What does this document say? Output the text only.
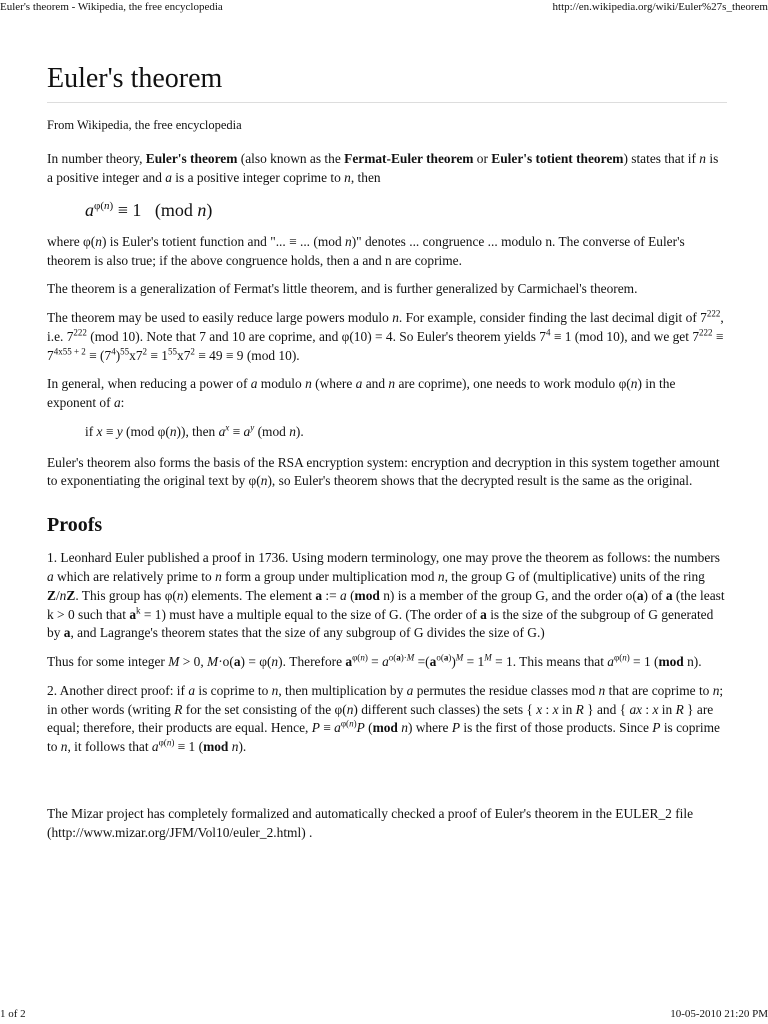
Euler's theorem - Wikipedia, the free encyclopedia	http://en.wikipedia.org/wiki/Euler%27s_theorem
Euler's theorem
From Wikipedia, the free encyclopedia

In number theory, Euler's theorem (also known as the Fermat-Euler theorem or Euler's totient theorem) states that if n is a positive integer and a is a positive integer coprime to n, then

$a^{\varphi(n)} \equiv 1$   (mod n)

where φ(n) is Euler's totient function and "... ≡ ... (mod n)" denotes ... congruence ... modulo n. The converse of Euler's theorem is also true; if the above congruence holds, then a and n are coprime.

The theorem is a generalization of Fermat's little theorem, and is further generalized by Carmichael's theorem.

The theorem may be used to easily reduce large powers modulo n. For example, consider finding the last decimal digit of $7^{222}$, i.e. $7^{222}$ (mod 10). Note that 7 and 10 are coprime, and φ(10) = 4. So Euler's theorem yields $7^4 \equiv 1$ (mod 10), and we get $7^{222} \equiv 7^{4x55 + 2} \equiv (7^4)^{55}x7^2 \equiv 1^{55}x7^2 \equiv 49 \equiv 9$ (mod 10).

In general, when reducing a power of a modulo n (where a and n are coprime), one needs to work modulo φ(n) in the exponent of a:

if x ≡ y (mod φ(n)), then $a^x \equiv a^y$ (mod n).

Euler's theorem also forms the basis of the RSA encryption system: encryption and decryption in this system together amount to exponentiating the original text by φ(n), so Euler's theorem shows that the decrypted result is the same as the original.

Proofs

1. Leonhard Euler published a proof in 1736. Using modern terminology, one may prove the theorem as follows: the numbers a which are relatively prime to n form a group under multiplication mod n, the group G of (multiplicative) units of the ring Z/nZ. This group has φ(n) elements. The element a := a (mod n) is a member of the group G, and the order o(a) of a (the least k > 0 such that $a^k = 1$) must have a multiple equal to the size of G. (The order of a is the size of the subgroup of G generated by a, and Lagrange's theorem states that the size of any subgroup of G divides the size of G.)

Thus for some integer M > 0, M·o(a) = φ(n). Therefore $a^{\varphi(n)} = a^{o(a)\cdot M} =(a^{o(a)})^M = 1^M = 1$. This means that $a^{\varphi(n)} = 1$ (mod n).

2. Another direct proof: if a is coprime to n, then multiplication by a permutes the residue classes mod n that are coprime to n; in other words (writing R for the set consisting of the φ(n) different such classes) the sets { x : x in R } and { ax : x in R } are equal; therefore, their products are equal. Hence, $P \equiv a^{\varphi(n)}P$ (mod n) where P is the first of those products. Since P is coprime to n, it follows that $a^{\varphi(n)} \equiv 1$ (mod n).

The Mizar project has completely formalized and automatically checked a proof of Euler's theorem in the EULER_2 file (http://www.mizar.org/JFM/Vol10/euler_2.html) .

1 of 2	10-05-2010 21:20 PM
